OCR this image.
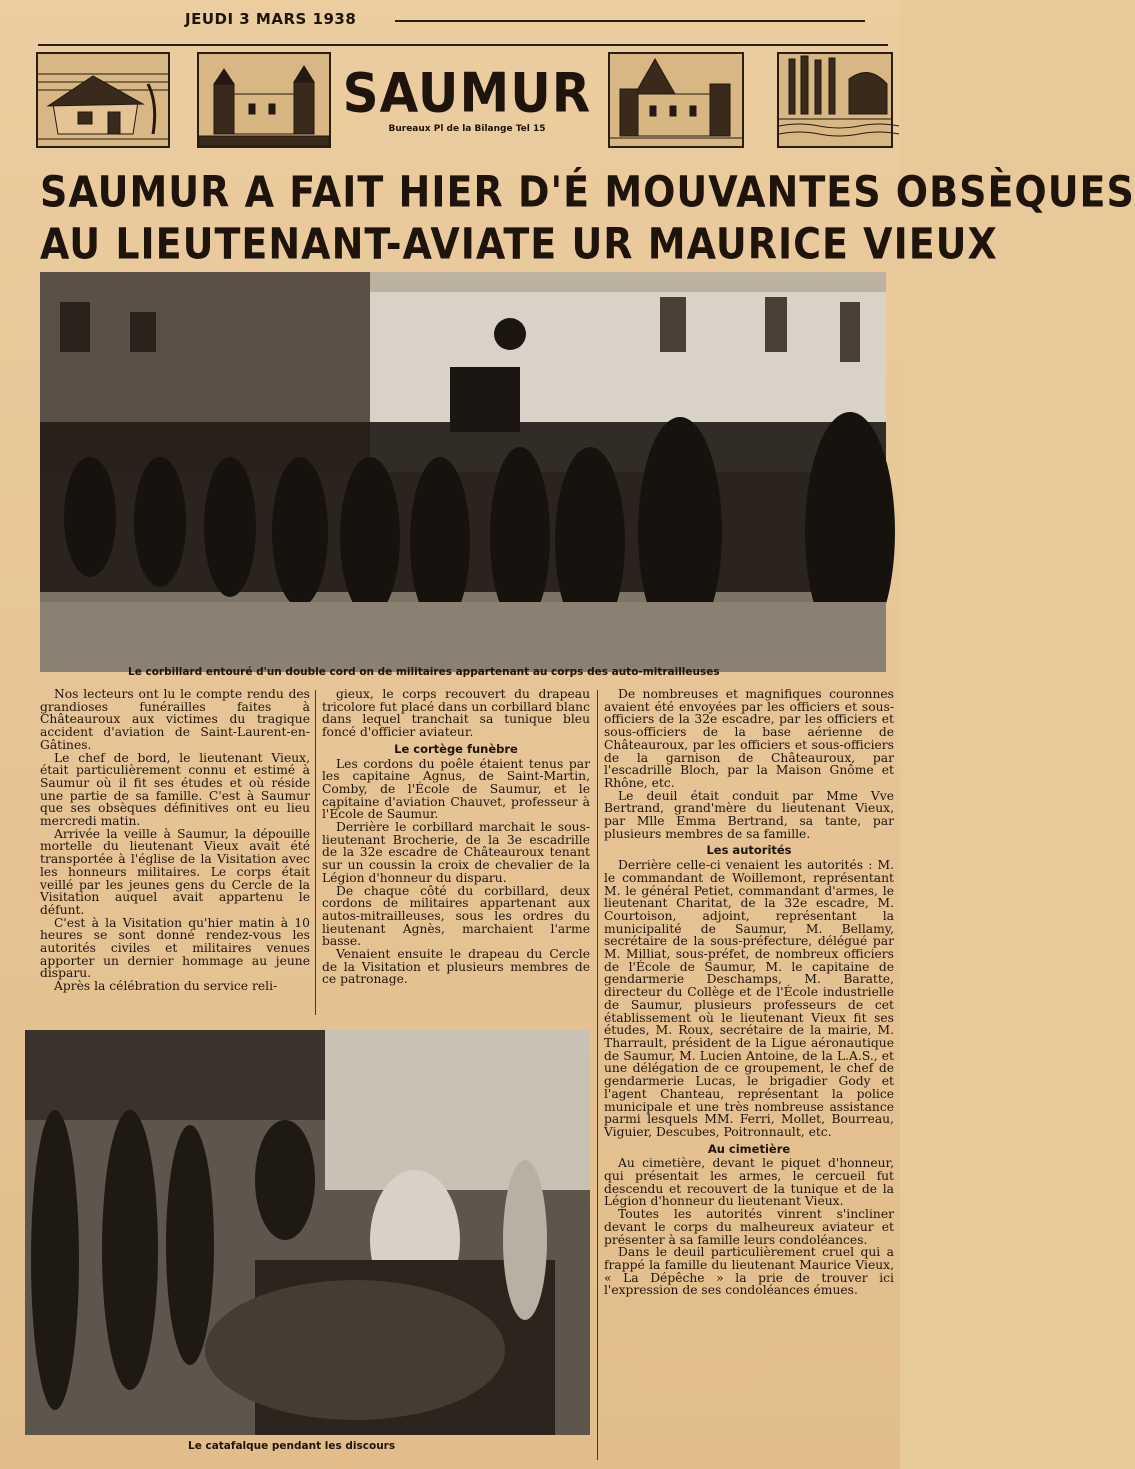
JEUDI 3 MARS 1938
SAUMUR
Bureaux Pl de la Bilange Tel 15
SAUMUR A FAIT HIER D'É MOUVANTES OBSÈQUES
AU LIEUTENANT-AVIATE UR MAURICE VIEUX
Le corbillard entouré d'un double cord on de militaires appartenant au corps des auto-mitrailleuses

Nos lecteurs ont lu le compte rendu des grandioses funérailles faites à Châteauroux aux victimes du tragique accident d'aviation de Saint-Laurent-en-Gâtines.

Le chef de bord, le lieutenant Vieux, était particulièrement connu et estimé à Saumur où il fit ses études et où réside une partie de sa famille. C'est à Saumur que ses obsèques définitives ont eu lieu mercredi matin.

Arrivée la veille à Saumur, la dépouille mortelle du lieutenant Vieux avait été transportée à l'église de la Visitation avec les honneurs militaires. Le corps était veillé par les jeunes gens du Cercle de la Visitation auquel avait appartenu le défunt.

C'est à la Visitation qu'hier matin à 10 heures se sont donné rendez-vous les autorités civiles et militaires venues apporter un dernier hommage au jeune disparu.

Après la célébration du service reli-

gieux, le corps recouvert du drapeau tricolore fut placé dans un corbillard blanc dans lequel tranchait sa tunique bleu foncé d'officier aviateur.

Le cortège funèbre

Les cordons du poêle étaient tenus par les capitaine Agnus, de Saint-Martin, Comby, de l'École de Saumur, et le capitaine d'aviation Chauvet, professeur à l'École de Saumur.

Derrière le corbillard marchait le sous-lieutenant Brocherie, de la 3e escadrille de la 32e escadre de Châteauroux tenant sur un coussin la croix de chevalier de la Légion d'honneur du disparu.

De chaque côté du corbillard, deux cordons de militaires appartenant aux autos-mitrailleuses, sous les ordres du lieutenant Agnès, marchaient l'arme basse.

Venaient ensuite le drapeau du Cercle de la Visitation et plusieurs membres de ce patronage.

De nombreuses et magnifiques couronnes avaient été envoyées par les officiers et sous-officiers de la 32e escadre, par les officiers et sous-officiers de la base aérienne de Châteauroux, par les officiers et sous-officiers de la garnison de Châteauroux, par l'escadrille Bloch, par la Maison Gnôme et Rhône, etc.

Le deuil était conduit par Mme Vve Bertrand, grand'mère du lieutenant Vieux, par Mlle Emma Bertrand, sa tante, par plusieurs membres de sa famille.

Les autorités

Derrière celle-ci venaient les autorités : M. le commandant de Woillemont, représentant M. le général Petiet, commandant d'armes, le lieutenant Charitat, de la 32e escadre, M. Courtoison, adjoint, représentant la municipalité de Saumur, M. Bellamy, secrétaire de la sous-préfecture, délégué par M. Milliat, sous-préfet, de nombreux officiers de l'École de Saumur, M. le capitaine de gendarmerie Deschamps, M. Baratte, directeur du Collège et de l'École industrielle de Saumur, plusieurs professeurs de cet établissement où le lieutenant Vieux fit ses études, M. Roux, secrétaire de la mairie, M. Tharrault, président de la Ligue aéronautique de Saumur, M. Lucien Antoine, de la L.A.S., et une délégation de ce groupement, le chef de gendarmerie Lucas, le brigadier Gody et l'agent Chanteau, représentant la police municipale et une très nombreuse assistance parmi lesquels MM. Ferri, Mollet, Bourreau, Viguier, Descubes, Poitronnault, etc.

Au cimetière

Au cimetière, devant le piquet d'honneur, qui présentait les armes, le cercueil fut descendu et recouvert de la tunique et de la Légion d'honneur du lieutenant Vieux.

Toutes les autorités vinrent s'incliner devant le corps du malheureux aviateur et présenter à sa famille leurs condoléances.

Dans le deuil particulièrement cruel qui a frappé la famille du lieutenant Maurice Vieux, « La Dépêche » la prie de trouver ici l'expression de ses condoléances émues.

Le catafalque pendant les discours
